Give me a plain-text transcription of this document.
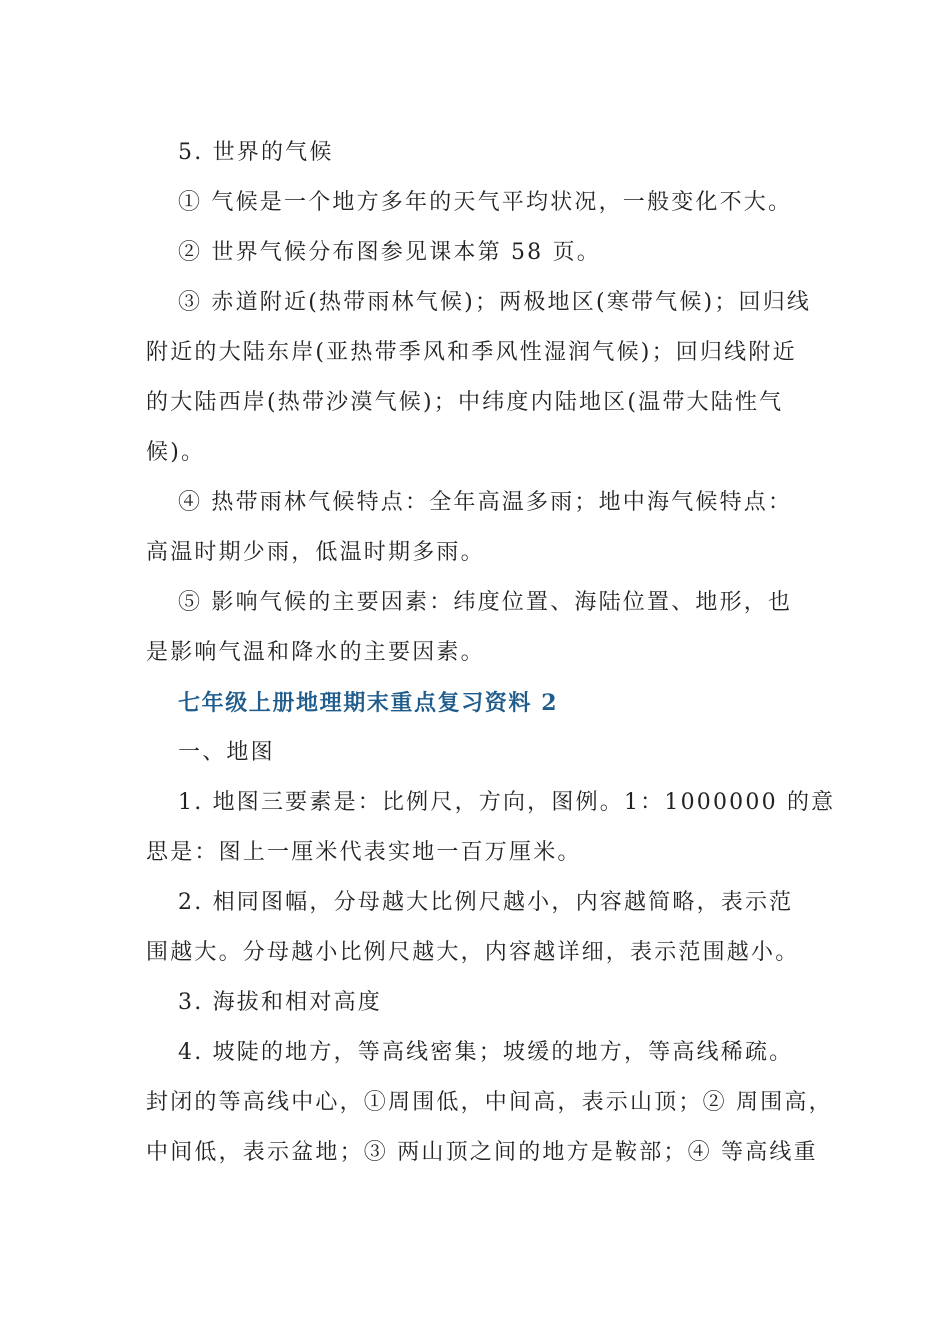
5. 世界的气候

① 气候是一个地方多年的天气平均状况，一般变化不大。

② 世界气候分布图参见课本第 58 页。

③ 赤道附近(热带雨林气候)；两极地区(寒带气候)；回归线

附近的大陆东岸(亚热带季风和季风性湿润气候)；回归线附近

的大陆西岸(热带沙漠气候)；中纬度内陆地区(温带大陆性气

候)。

④ 热带雨林气候特点：全年高温多雨；地中海气候特点：

高温时期少雨，低温时期多雨。

⑤ 影响气候的主要因素：纬度位置、海陆位置、地形，也

是影响气温和降水的主要因素。

七年级上册地理期末重点复习资料 2

一、地图

1. 地图三要素是：比例尺，方向，图例。1：1000000 的意

思是：图上一厘米代表实地一百万厘米。

2. 相同图幅，分母越大比例尺越小，内容越简略，表示范

围越大。分母越小比例尺越大，内容越详细，表示范围越小。

3. 海拔和相对高度

4. 坡陡的地方，等高线密集；坡缓的地方，等高线稀疏。

封闭的等高线中心，①周围低，中间高，表示山顶；② 周围高，

中间低，表示盆地；③ 两山顶之间的地方是鞍部；④ 等高线重
